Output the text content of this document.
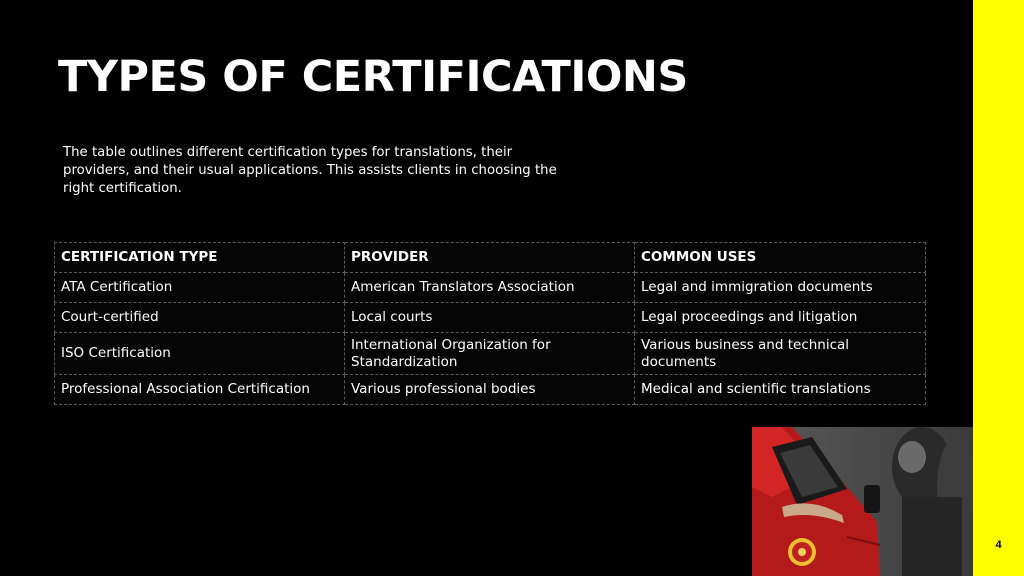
TYPES OF CERTIFICATIONS

The table outlines different certification types for translations, their providers, and their usual applications. This assists clients in choosing the right certification.

CERTIFICATION TYPE	PROVIDER	COMMON USES
ATA Certification	American Translators Association	Legal and immigration documents
Court-certified	Local courts	Legal proceedings and litigation
ISO Certification	International Organization for Standardization	Various business and technical documents
Professional Association Certification	Various professional bodies	Medical and scientific translations
4
